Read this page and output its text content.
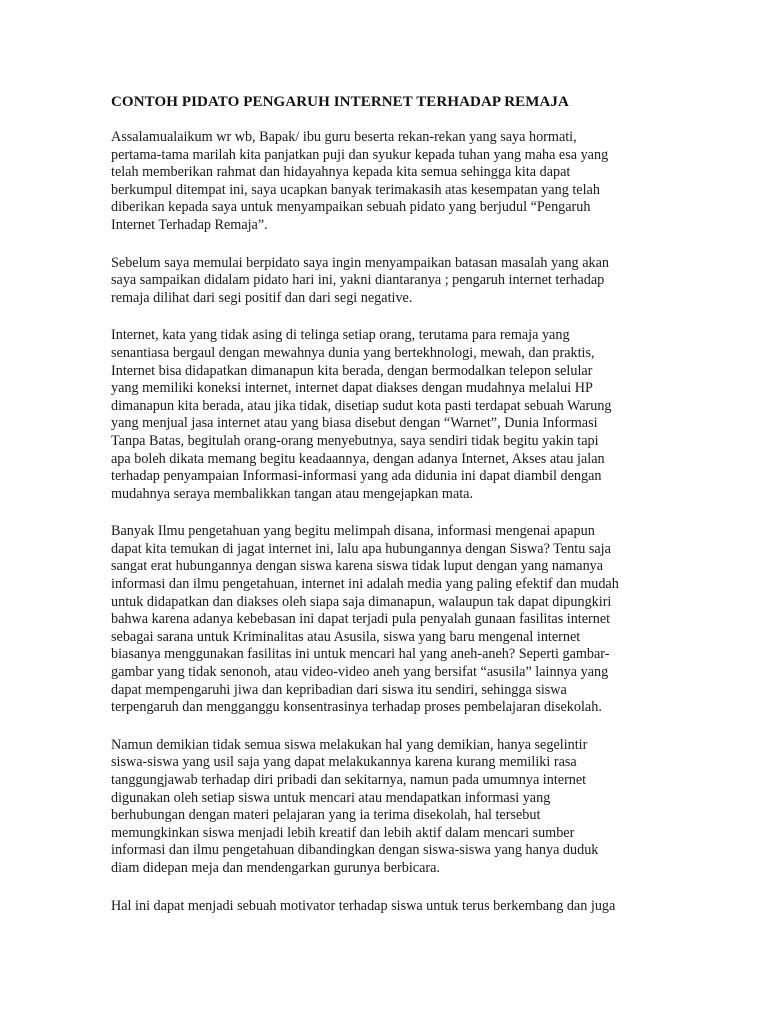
CONTOH PIDATO PENGARUH INTERNET TERHADAP REMAJA

Assalamualaikum wr wb, Bapak/ ibu guru beserta rekan-rekan yang saya hormati,
pertama-tama marilah kita panjatkan puji dan syukur kepada tuhan yang maha esa yang
telah memberikan rahmat dan hidayahnya kepada kita semua sehingga kita dapat
berkumpul ditempat ini, saya ucapkan banyak terimakasih atas kesempatan yang telah
diberikan kepada saya untuk menyampaikan sebuah pidato yang berjudul “Pengaruh
Internet Terhadap Remaja”.

Sebelum saya memulai berpidato saya ingin menyampaikan batasan masalah yang akan
saya sampaikan didalam pidato hari ini, yakni diantaranya ; pengaruh internet terhadap
remaja dilihat dari segi positif dan dari segi negative.

Internet, kata yang tidak asing di telinga setiap orang, terutama para remaja yang
senantiasa bergaul dengan mewahnya dunia yang bertekhnologi, mewah, dan praktis,
Internet bisa didapatkan dimanapun kita berada, dengan bermodalkan telepon selular
yang memiliki koneksi internet, internet dapat diakses dengan mudahnya melalui HP
dimanapun kita berada, atau jika tidak, disetiap sudut kota pasti terdapat sebuah Warung
yang menjual jasa internet atau yang biasa disebut dengan “Warnet”, Dunia Informasi
Tanpa Batas, begitulah orang-orang menyebutnya, saya sendiri tidak begitu yakin tapi
apa boleh dikata memang begitu keadaannya, dengan adanya Internet, Akses atau jalan
terhadap penyampaian Informasi-informasi yang ada didunia ini dapat diambil dengan
mudahnya seraya membalikkan tangan atau mengejapkan mata.

Banyak Ilmu pengetahuan yang begitu melimpah disana, informasi mengenai apapun
dapat kita temukan di jagat internet ini, lalu apa hubungannya dengan Siswa? Tentu saja
sangat erat hubungannya dengan siswa karena siswa tidak luput dengan yang namanya
informasi dan ilmu pengetahuan, internet ini adalah media yang paling efektif dan mudah
untuk didapatkan dan diakses oleh siapa saja dimanapun, walaupun tak dapat dipungkiri
bahwa karena adanya kebebasan ini dapat terjadi pula penyalah gunaan fasilitas internet
sebagai sarana untuk Kriminalitas atau Asusila, siswa yang baru mengenal internet
biasanya menggunakan fasilitas ini untuk mencari hal yang aneh-aneh? Seperti gambar-
gambar yang tidak senonoh, atau video-video aneh yang bersifat “asusila” lainnya yang
dapat mempengaruhi jiwa dan kepribadian dari siswa itu sendiri, sehingga siswa
terpengaruh dan mengganggu konsentrasinya terhadap proses pembelajaran disekolah.

Namun demikian tidak semua siswa melakukan hal yang demikian, hanya segelintir
siswa-siswa yang usil saja yang dapat melakukannya karena kurang memiliki rasa
tanggungjawab terhadap diri pribadi dan sekitarnya, namun pada umumnya internet
digunakan oleh setiap siswa untuk mencari atau mendapatkan informasi yang
berhubungan dengan materi pelajaran yang ia terima disekolah, hal tersebut
memungkinkan siswa menjadi lebih kreatif dan lebih aktif dalam mencari sumber
informasi dan ilmu pengetahuan dibandingkan dengan siswa-siswa yang hanya duduk
diam didepan meja dan mendengarkan gurunya berbicara.

Hal ini dapat menjadi sebuah motivator terhadap siswa untuk terus berkembang dan juga
